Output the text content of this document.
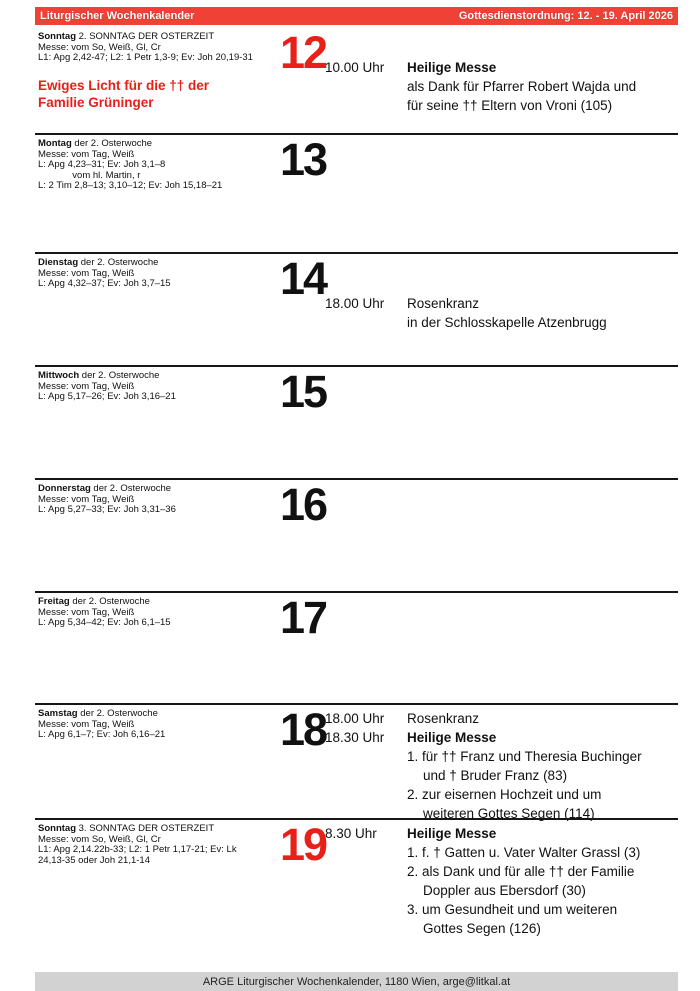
Liturgischer Wochenkalender	Gottesdienstordnung: 12. - 19. April 2026
Sonntag 2. SONNTAG DER OSTERZEIT
Messe: vom So, Weiß, Gl, Cr
L1: Apg 2,42-47; L2: 1 Petr 1,3-9; Ev: Joh 20,19-31
Ewiges Licht für die †† der
Familie Grüninger
12
10.00 Uhr	Heilige Messe
als Dank für Pfarrer Robert Wajda und
für seine †† Eltern von Vroni (105)
Montag der 2. Osterwoche
Messe: vom Tag, Weiß
L: Apg 4,23–31; Ev: Joh 3,1–8
vom hl. Martin, r
L: 2 Tim 2,8–13; 3,10–12; Ev: Joh 15,18–21
13
Dienstag der 2. Osterwoche
Messe: vom Tag, Weiß
L: Apg 4,32–37; Ev: Joh 3,7–15	14
18.00 Uhr	Rosenkranz
in der Schlosskapelle Atzenbrugg
Mittwoch der 2. Osterwoche
Messe: vom Tag, Weiß
L: Apg 5,17–26; Ev: Joh 3,16–21	15
Donnerstag der 2. Osterwoche
Messe: vom Tag, Weiß
L: Apg 5,27–33; Ev: Joh 3,31–36	16
Freitag der 2. Osterwoche
Messe: vom Tag, Weiß
L: Apg 5,34–42; Ev: Joh 6,1–15	17
Samstag der 2. Osterwoche
Messe: vom Tag, Weiß
L: Apg 6,1–7; Ev: Joh 6,16–21	18
18.00 Uhr	Rosenkranz
18.30 Uhr	Heilige Messe
1. für †† Franz und Theresia Buchinger
und † Bruder Franz (83)
2. zur eisernen Hochzeit und um
weiteren Gottes Segen (114)
Sonntag 3. SONNTAG DER OSTERZEIT
Messe: vom So, Weiß, Gl, Cr
L1: Apg 2,14.22b-33; L2: 1 Petr 1,17-21; Ev: Lk
24,13-35 oder Joh 21,1-14	19
8.30 Uhr	Heilige Messe
1. f. † Gatten u. Vater Walter Grassl (3)
2. als Dank und für alle †† der Familie
Doppler aus Ebersdorf (30)
3. um Gesundheit und um weiteren
Gottes Segen (126)
ARGE Liturgischer Wochenkalender, 1180 Wien, arge@litkal.at
